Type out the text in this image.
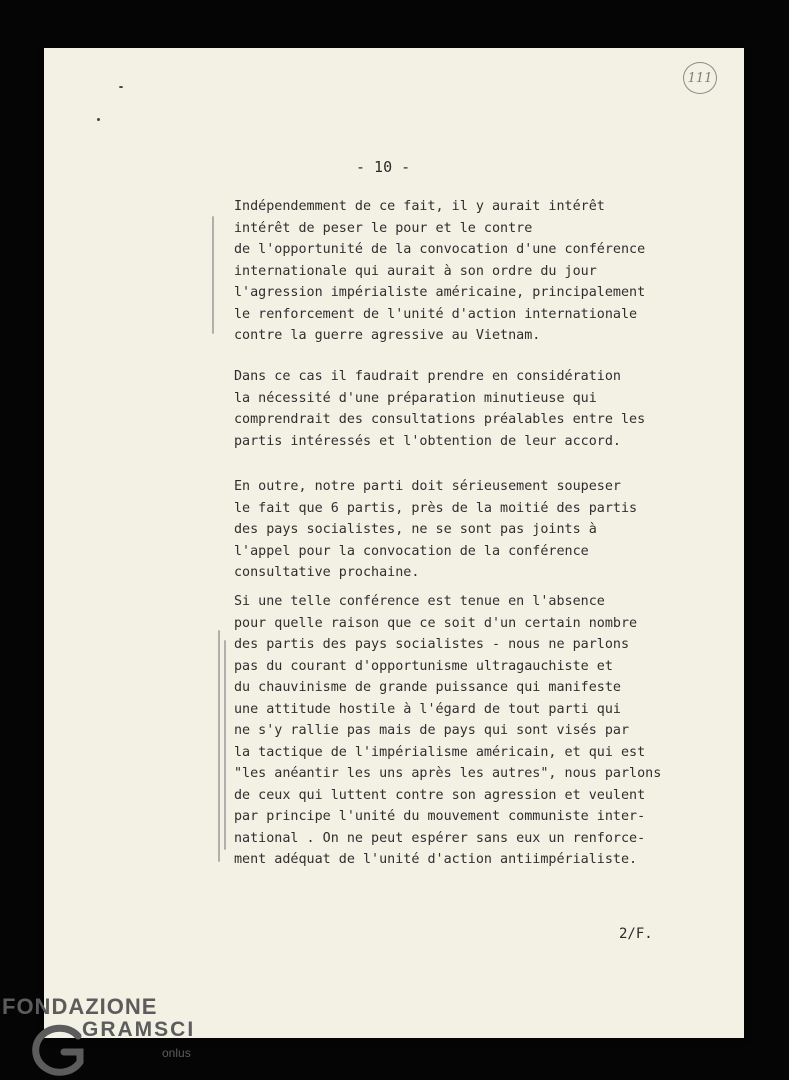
111
- 10 -
Indépendemment de ce fait, il y aurait intérêt
intérêt de peser le pour et le contre
de l'opportunité de la convocation d'une conférence
internationale qui aurait à son ordre du jour
l'agression impérialiste américaine, principalement
le renforcement de l'unité d'action internationale
contre la guerre agressive au Vietnam.
Dans ce cas il faudrait prendre en considération
la nécessité d'une préparation minutieuse qui
comprendrait des consultations préalables entre les
partis intéressés et l'obtention de leur accord.
En outre, notre parti doit sérieusement soupeser
le fait que 6 partis, près de la moitié des partis
des pays socialistes, ne se sont pas joints à
l'appel pour la convocation de la conférence
consultative prochaine.
Si une telle conférence est tenue en l'absence
pour quelle raison que ce soit d'un certain nombre
des partis des pays socialistes - nous ne parlons
pas du courant d'opportunisme ultragauchiste et
du chauvinisme de grande puissance qui manifeste
une attitude hostile à l'égard de tout parti qui
ne s'y rallie pas mais de pays qui sont visés par
la tactique de l'impérialisme américain, et qui est
"les anéantir les uns après les autres", nous parlons
de ceux qui luttent contre son agression et veulent
par principe l'unité du mouvement communiste inter-
national . On ne peut espérer sans eux un renforce-
ment adéquat de l'unité d'action antiimpérialiste.
2/F.
FONDAZIONE
GRAMSCI
onlus
